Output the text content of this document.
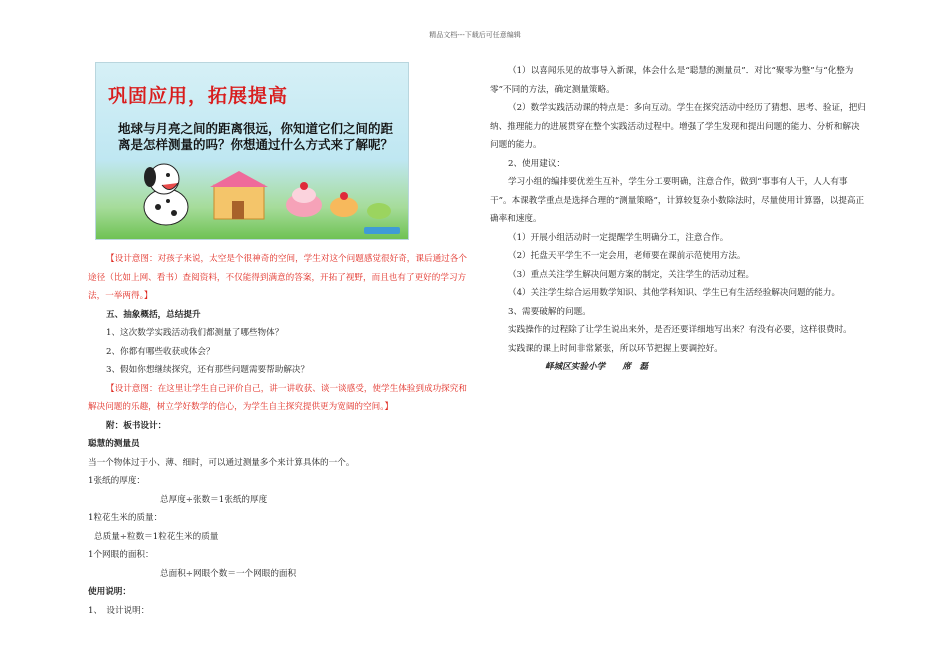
精品文档---下载后可任意编辑
巩固应用，拓展提高
地球与月亮之间的距离很远，你知道它们之间的距离是怎样测量的吗？你想通过什么方式来了解呢？

【设计意图：对孩子来说，太空是个很神奇的空间，学生对这个问题感觉很好奇，课后通过各个途径（比如上网、看书）查阅资料，不仅能得到满意的答案，开拓了视野，而且也有了更好的学习方法，一举两得。】

五、抽象概括，总结提升

1、这次数学实践活动我们都测量了哪些物体？

2、你都有哪些收获或体会？

3、假如你想继续探究，还有那些问题需要帮助解决？

【设计意图：在这里让学生自己评价自己，讲一讲收获、谈一谈感受，使学生体验到成功探究和解决问题的乐趣，树立学好数学的信心，为学生自主探究提供更为宽阔的空间。】

附：板书设计：

聪慧的测量员

当一个物体过于小、薄、细时，可以通过测量多个来计算具体的一个。

1张纸的厚度：

总厚度÷张数＝1张纸的厚度

1粒花生米的质量：

总质量÷粒数＝1粒花生米的质量

1个网眼的面积：

总面积÷网眼个数＝一个网眼的面积

使用说明：

1、　设计说明：

（1）以喜闻乐见的故事导入新课，体会什么是“聪慧的测量员”．对比“聚零为整”与“化整为零”不同的方法，确定测量策略。

（2）数学实践活动课的特点是：多向互动。学生在探究活动中经历了猜想、思考、验证，把归纳、推理能力的进展贯穿在整个实践活动过程中。增强了学生发现和提出问题的能力、分析和解决问题的能力。

2、使用建议：

学习小组的编排要优差生互补，学生分工要明确，注意合作，做到“事事有人干，人人有事干”。本课教学重点是选择合理的“测量策略”，计算较复杂小数除法时，尽量使用计算器，以提高正确率和速度。

（1）开展小组活动时一定提醒学生明确分工，注意合作。

（2）托盘天平学生不一定会用，老师要在课前示范使用方法。

（3）重点关注学生解决问题方案的制定，关注学生的活动过程。

（4）关注学生综合运用数学知识、其他学科知识、学生已有生活经验解决问题的能力。

3、需要破解的问题。

实践操作的过程除了让学生说出来外，是否还要详细地写出来？有没有必要，这样很费时。

实践课的课上时间非常紧张，所以环节把握上要调控好。

峄城区实验小学　　席　磊
